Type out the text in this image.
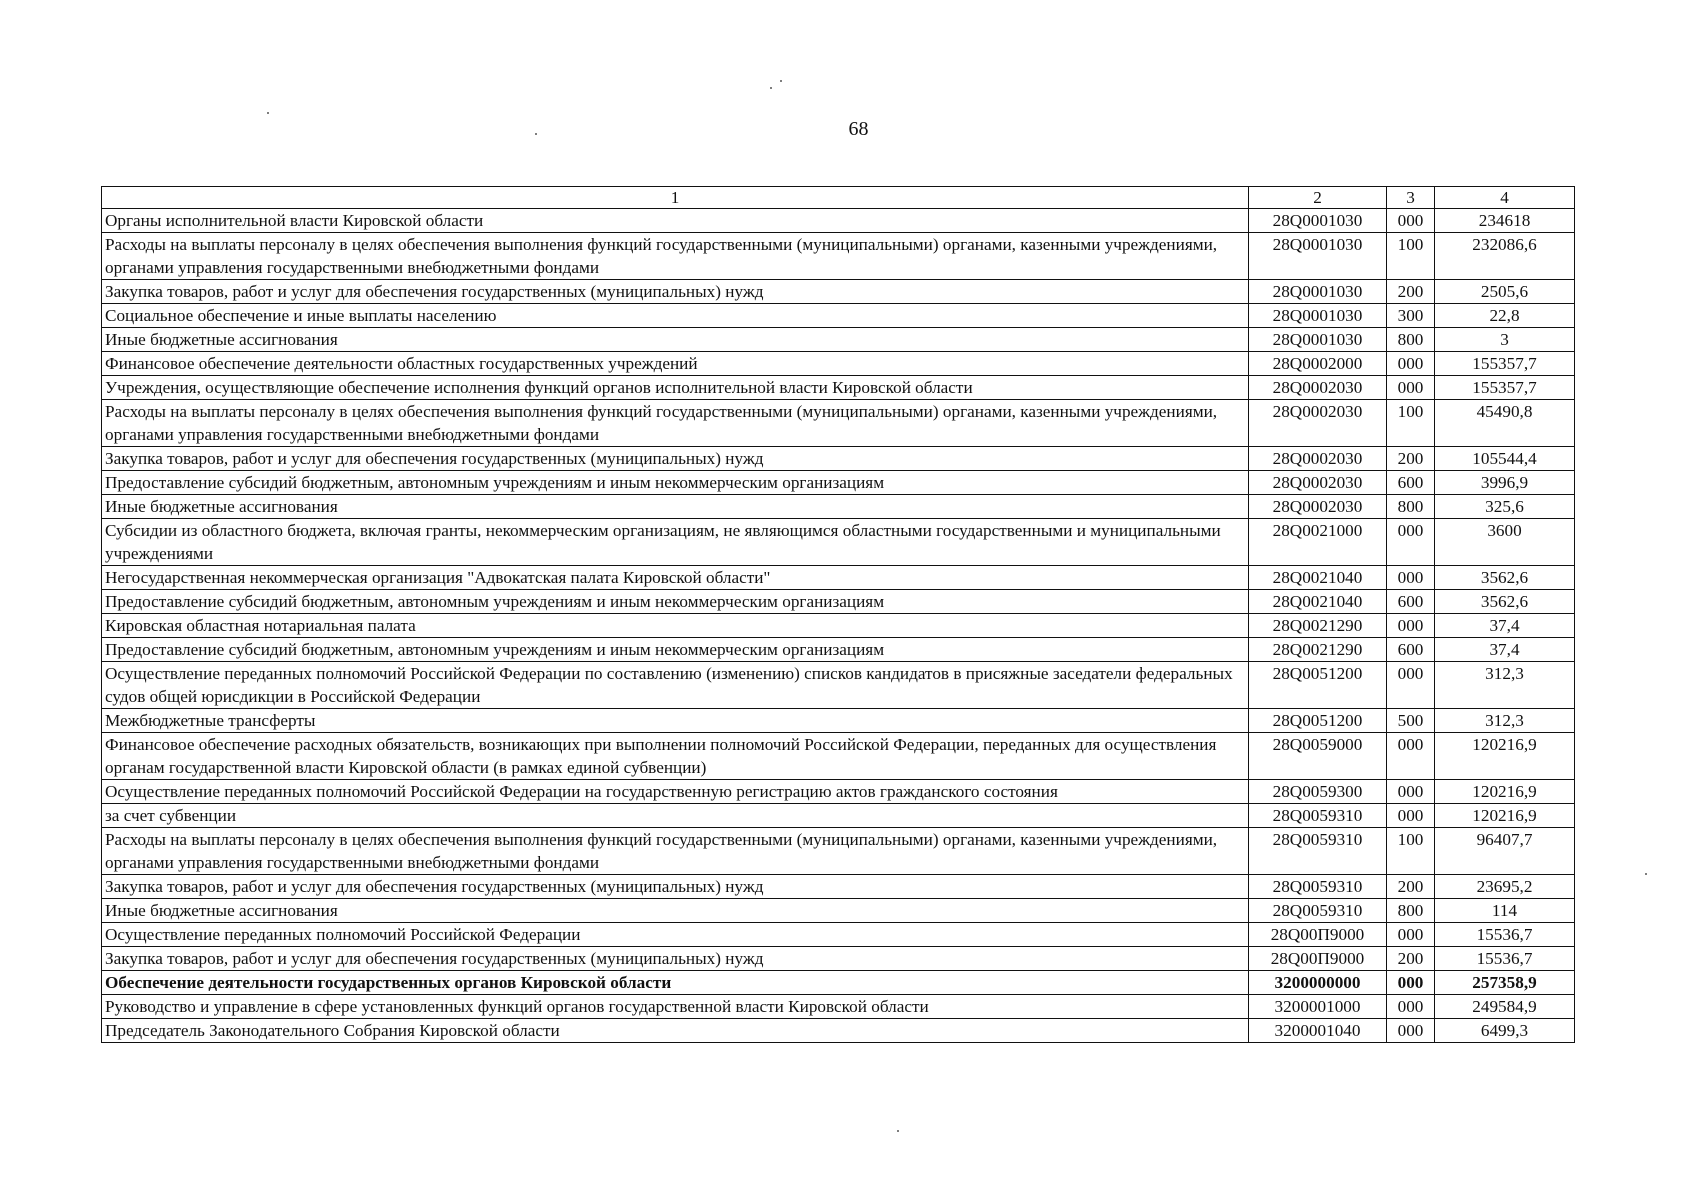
68
1	2	3	4
Органы исполнительной власти Кировской области	28Q0001030	000	234618
Расходы на выплаты персоналу в целях обеспечения выполнения функций государственными (муниципальными) органами, казенными учреждениями, органами управления государственными внебюджетными фондами	28Q0001030	100	232086,6
Закупка товаров, работ и услуг для обеспечения государственных (муниципальных) нужд	28Q0001030	200	2505,6
Социальное обеспечение и иные выплаты населению	28Q0001030	300	22,8
Иные бюджетные ассигнования	28Q0001030	800	3
Финансовое обеспечение деятельности областных государственных учреждений	28Q0002000	000	155357,7
Учреждения, осуществляющие обеспечение исполнения функций органов исполнительной власти Кировской области	28Q0002030	000	155357,7
Расходы на выплаты персоналу в целях обеспечения выполнения функций государственными (муниципальными) органами, казенными учреждениями, органами управления государственными внебюджетными фондами	28Q0002030	100	45490,8
Закупка товаров, работ и услуг для обеспечения государственных (муниципальных) нужд	28Q0002030	200	105544,4
Предоставление субсидий бюджетным, автономным учреждениям и иным некоммерческим организациям	28Q0002030	600	3996,9
Иные бюджетные ассигнования	28Q0002030	800	325,6
Субсидии из областного бюджета, включая гранты, некоммерческим организациям, не являющимся областными государственными и муниципальными учреждениями	28Q0021000	000	3600
Негосударственная некоммерческая организация "Адвокатская палата Кировской области"	28Q0021040	000	3562,6
Предоставление субсидий бюджетным, автономным учреждениям и иным некоммерческим организациям	28Q0021040	600	3562,6
Кировская областная нотариальная палата	28Q0021290	000	37,4
Предоставление субсидий бюджетным, автономным учреждениям и иным некоммерческим организациям	28Q0021290	600	37,4
Осуществление переданных полномочий Российской Федерации по составлению (изменению) списков кандидатов в присяжные заседатели федеральных судов общей юрисдикции в Российской Федерации	28Q0051200	000	312,3
Межбюджетные трансферты	28Q0051200	500	312,3
Финансовое обеспечение расходных обязательств, возникающих при выполнении полномочий Российской Федерации, переданных для осуществления органам государственной власти Кировской области (в рамках единой субвенции)	28Q0059000	000	120216,9
Осуществление переданных полномочий Российской Федерации на государственную регистрацию актов гражданского состояния	28Q0059300	000	120216,9
за счет субвенции	28Q0059310	000	120216,9
Расходы на выплаты персоналу в целях обеспечения выполнения функций государственными (муниципальными) органами, казенными учреждениями, органами управления государственными внебюджетными фондами	28Q0059310	100	96407,7
Закупка товаров, работ и услуг для обеспечения государственных (муниципальных) нужд	28Q0059310	200	23695,2
Иные бюджетные ассигнования	28Q0059310	800	114
Осуществление переданных полномочий Российской Федерации	28Q00П9000	000	15536,7
Закупка товаров, работ и услуг для обеспечения государственных (муниципальных) нужд	28Q00П9000	200	15536,7
Обеспечение деятельности государственных органов Кировской области	3200000000	000	257358,9
Руководство и управление в сфере установленных функций органов государственной власти Кировской области	3200001000	000	249584,9
Председатель Законодательного Собрания Кировской области	3200001040	000	6499,3
